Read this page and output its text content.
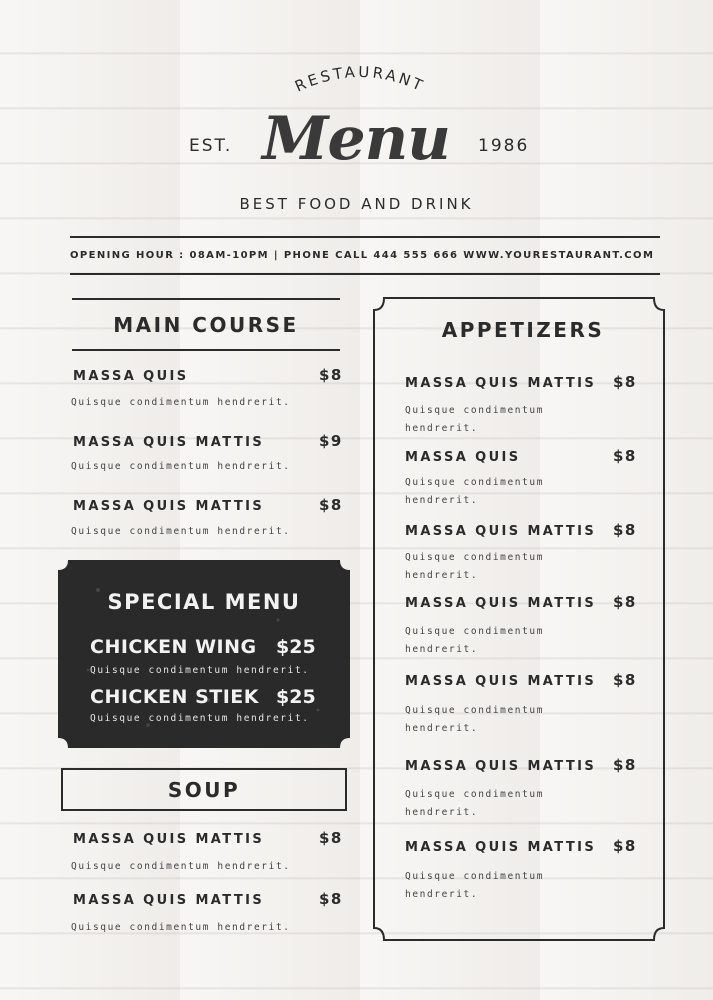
RESTAURANT
EST. Menu	1986
BEST FOOD AND DRINK
OPENING HOUR : 08AM-10PM | PHONE CALL 444 555 666 WWW.YOURESTAURANT.COM
MAIN COURSE
MASSA QUIS	$8
Quisque condimentum hendrerit.
MASSA QUIS MATTIS	$9
Quisque condimentum hendrerit.
MASSA QUIS MATTIS	$8
Quisque condimentum hendrerit.
SPECIAL MENU
CHICKEN WING $25
Quisque condimentum hendrerit.
CHICKEN STIEK $25
Quisque condimentum hendrerit.
SOUP
MASSA QUIS MATTIS	$8
Quisque condimentum hendrerit.
MASSA QUIS MATTIS	$8
Quisque condimentum hendrerit.
APPETIZERS
MASSA QUIS MATTIS $8
Quisque condimentum
hendrerit.
MASSA QUIS	$8
Quisque condimentum
hendrerit.
MASSA QUIS MATTIS $8
Quisque condimentum
hendrerit.
MASSA QUIS MATTIS $8
Quisque condimentum
hendrerit.
MASSA QUIS MATTIS $8
Quisque condimentum
hendrerit.
MASSA QUIS MATTIS $8
Quisque condimentum
hendrerit.
MASSA QUIS MATTIS $8
Quisque condimentum
hendrerit.
